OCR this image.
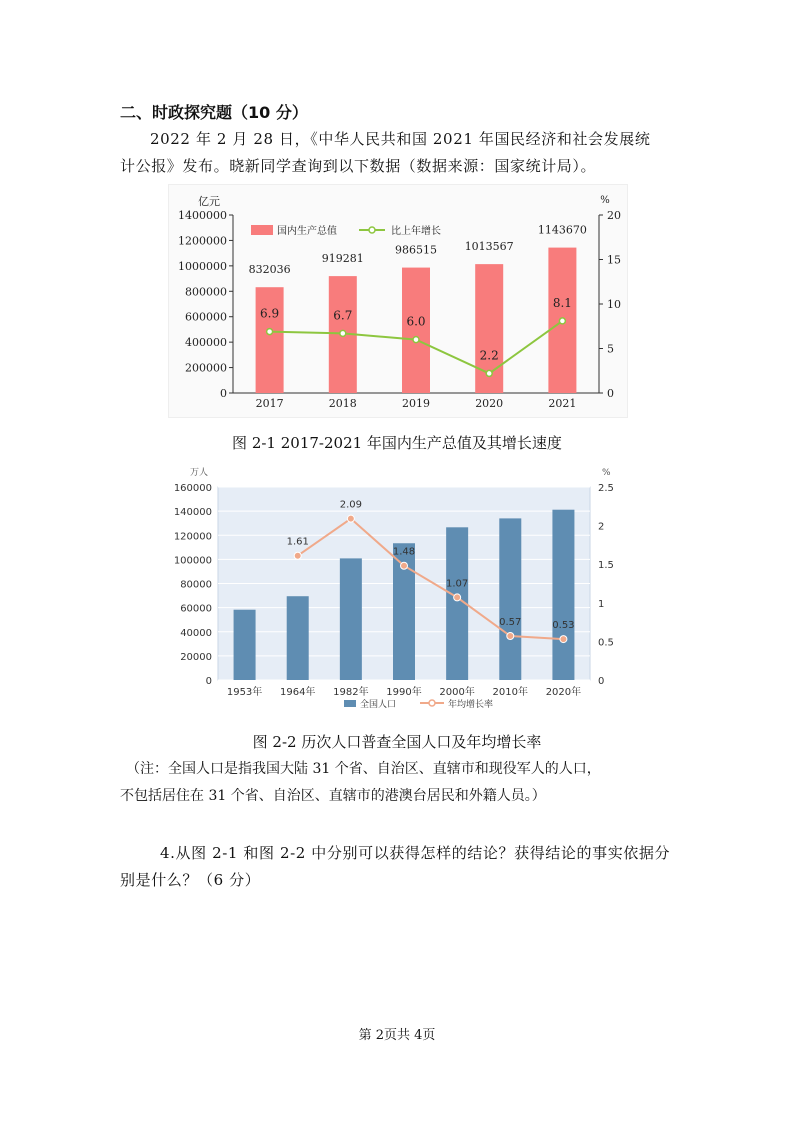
二、时政探究题（10 分）
2022 年 2 月 28 日，《中华人民共和国 2021 年国民经济和社会发展统
计公报》发布。晓新同学查询到以下数据（数据来源：国家统计局）。
0
200000
400000
600000
800000
1000000
1200000
1400000
0
5
10
15
20
亿元	%
832036
919281
986515	1013567
1143670
2017	2018	2019	2020	2021
6.9	6.7	6.0
2.2
8.1
国内生产总值	比上年增长
图 2-1 2017-2021 年国内生产总值及其增长速度
0
20000
40000
60000
80000
100000
120000
140000
160000
0
0.5
1
1.5
2
2.5
万人	%
1953年 1964年 1982年 1990年 2000年 2010年 2020年
1.61
2.09
1.48
1.07
0.57	0.53
全国人口	年均增长率
图 2-2 历次人口普查全国人口及年均增长率
（注：全国人口是指我国大陆 31 个省、自治区、直辖市和现役军人的人口，
不包括居住在 31 个省、自治区、直辖市的港澳台居民和外籍人员。）
4.从图 2-1 和图 2-2 中分别可以获得怎样的结论？获得结论的事实依据分
别是什么？（6 分）
第 2页共 4页
